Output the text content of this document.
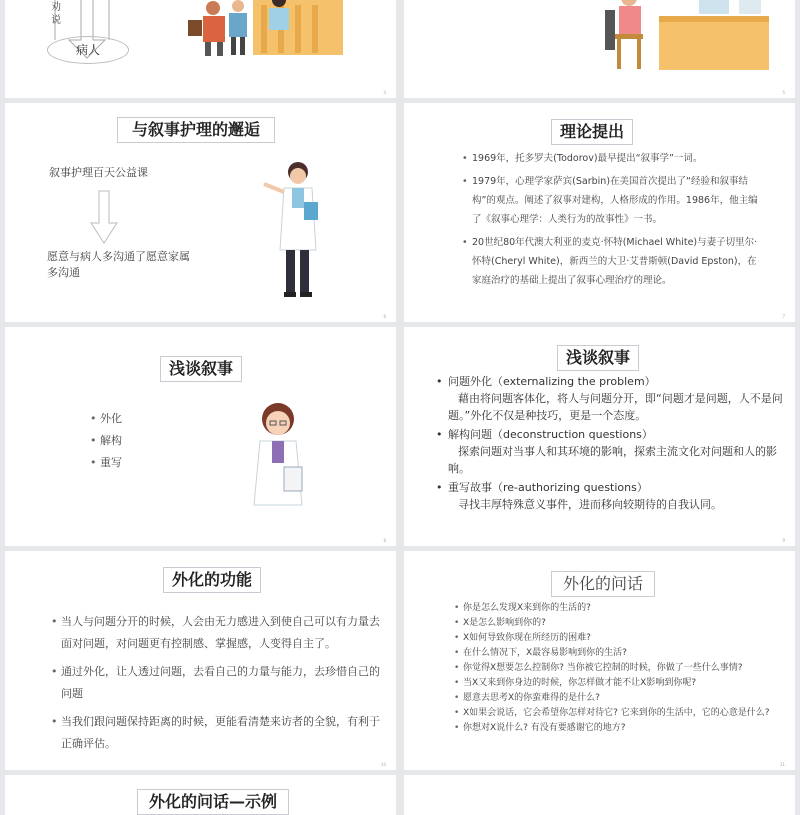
劝说
病人
4	5
与叙事护理的邂逅
叙事护理百天公益课
愿意与病人多沟通了愿意家属多沟通
6
理论提出

• 1969年，托多罗夫(Todorov)最早提出“叙事学”一词。

• 1979年，心理学家萨宾(Sarbin)在美国首次提出了“经验和叙事结构”的观点。阐述了叙事对建构，人格形成的作用。1986年，他主编了《叙事心理学：人类行为的故事性》一书。

• 20世纪80年代澳大利亚的麦克·怀特(Michael White)与妻子切里尔·怀特(Cheryl White)，新西兰的大卫·艾普斯顿(David Epston)，在家庭治疗的基础上提出了叙事心理治疗的理论。

7
浅谈叙事
• 外化
• 解构
• 重写
8
浅谈叙事
• 问题外化（externalizing the problem）
藉由将问题客体化，将人与问题分开，即“问题才是问题，人不是问题。”外化不仅是种技巧，更是一个态度。
• 解构问题（deconstruction questions）
探索问题对当事人和其环境的影响，探索主流文化对问题和人的影响。
• 重写故事（re-authorizing questions）
寻找丰厚特殊意义事件，进而移向较期待的自我认同。
9
外化的功能

• 当人与问题分开的时候，人会由无力感进入到使自己可以有力量去面对问题，对问题更有控制感、掌握感，人变得自主了。

• 通过外化，让人透过问题，去看自己的力量与能力，去珍惜自己的问题

• 当我们跟问题保持距离的时候，更能看清楚来访者的全貌，有利于正确评估。

10
外化的问话
• 你是怎么发现X来到你的生活的?
• X是怎么影响到你的?
• X如何导致你现在所经历的困难?
• 在什么情况下，X最容易影响到你的生活?
• 你觉得X想要怎么控制你? 当你被它控制的时候，你做了一些什么事情?
• 当X又来到你身边的时候，你怎样做才能不让X影响到你呢?
• 愿意去思考X的你蛮难得的是什么?
• X如果会说话，它会希望你怎样对待它? 它来到你的生活中，它的心意是什么?
• 你想对X说什么? 有没有要感谢它的地方?
11
外化的问话—示例
